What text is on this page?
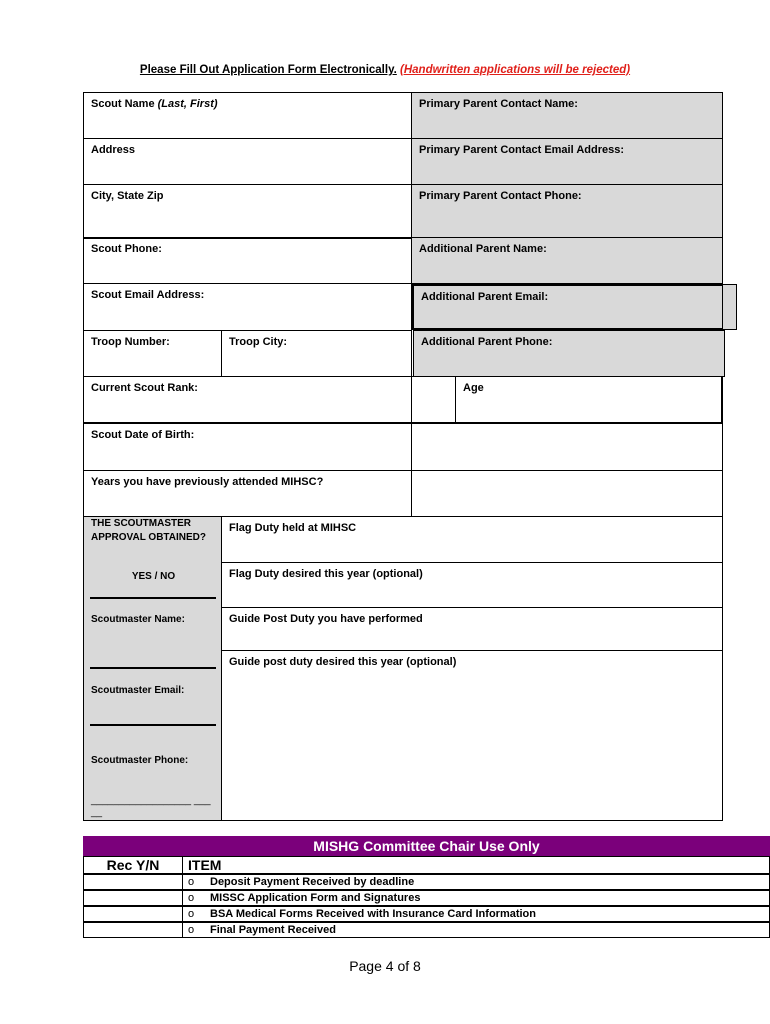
Please Fill Out Application Form Electronically. (Handwritten applications will be rejected)
Scout Name (Last, First)
Address
City, State Zip
Scout Phone:
Scout Email Address:
Troop Number:	Troop City:
Current Scout Rank:
Scout Date of Birth:
Years you have previously attended MIHSC?
Primary Parent Contact Name:
Primary Parent Contact Email Address:
Primary Parent Contact Phone:
Additional Parent Name:
Additional Parent Email:
Additional Parent Phone:
Age
THE SCOUTMASTER APPROVAL OBTAINED?
YES / NO
Scoutmaster Name:
Scoutmaster Email:
Scoutmaster Phone:
__________________ _____
Flag Duty held at MIHSC
Flag Duty desired this year (optional)
Guide Post Duty you have performed
Guide post duty desired this year (optional)
MISHG Committee Chair Use Only
Rec Y/N	ITEM
o Deposit Payment Received by deadline
o MISSC Application Form and Signatures
o BSA Medical Forms Received with Insurance Card Information
o Final Payment Received
Page 4 of 8
